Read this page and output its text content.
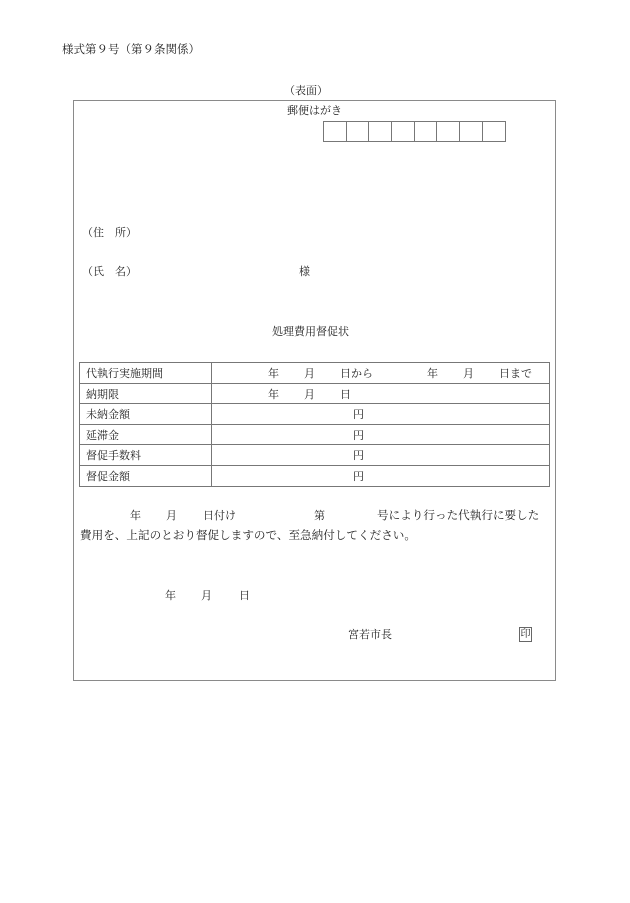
様式第９号（第９条関係）
（表面）
郵便はがき
（住　所）
（氏　名）	様
処理費用督促状
代執行実施期間	年 月 日から	年 月 日まで

納期限	年 月 日

未納金額	円

延滞金	円

督促手数料	円

督促金額	円
年 月 日付け	第	号により行った代執行に要した
費用を、上記のとおり督促しますので、至急納付してください。
年 月 日
宮若市長	印
